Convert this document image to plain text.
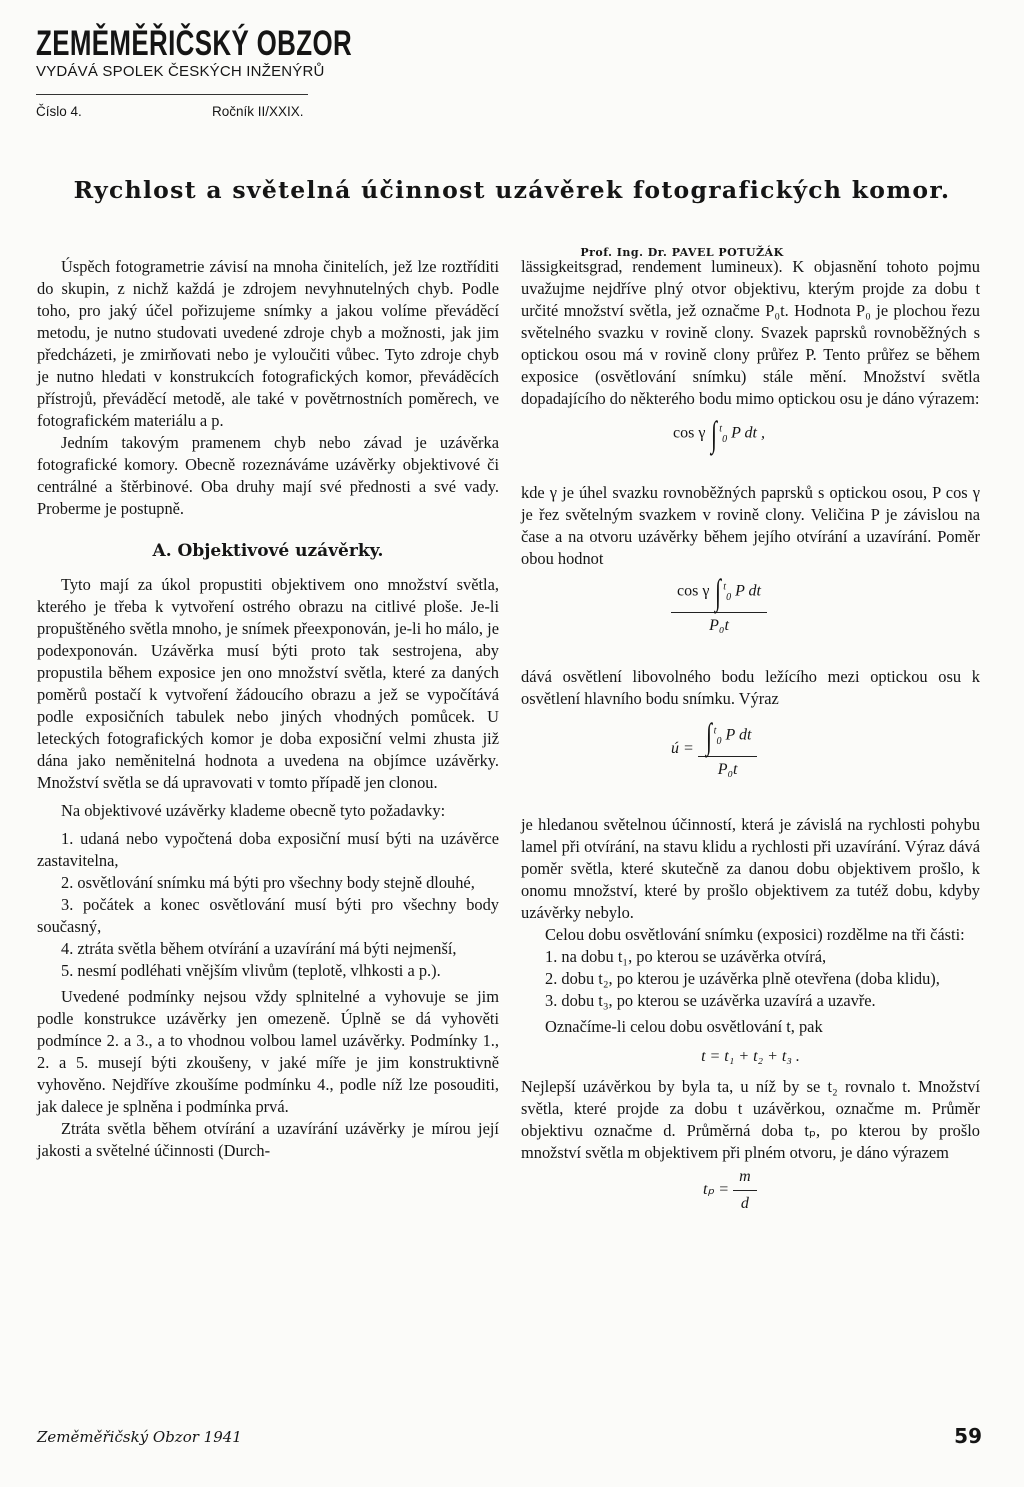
ZEMĚMĚŘIČSKÝ OBZOR
VYDÁVÁ SPOLEK ČESKÝCH INŽENÝRŮ
Číslo 4.	Ročník II/XXIX.
Rychlost a světelná účinnost uzávěrek fotografických komor.
Prof. Ing. Dr. PAVEL POTUŽÁK

Úspěch fotogrametrie závisí na mnoha činitelích, jež lze roztříditi do skupin, z nichž každá je zdrojem nevyhnutelných chyb. Podle toho, pro jaký účel pořizujeme snímky a jakou volíme převáděcí metodu, je nutno studovati uvedené zdroje chyb a možnosti, jak jim předcházeti, je zmirňovati nebo je vyloučiti vůbec. Tyto zdroje chyb je nutno hledati v konstrukcích fotografických komor, převáděcích přístrojů, převáděcí metodě, ale také v povětrnostních poměrech, ve fotografickém materiálu a p.

Jedním takovým pramenem chyb nebo závad je uzávěrka fotografické komory. Obecně rozeznáváme uzávěrky objektivové či centrálné a štěrbinové. Oba druhy mají své přednosti a své vady. Proberme je postupně.

A. Objektivové uzávěrky.

Tyto mají za úkol propustiti objektivem ono množství světla, kterého je třeba k vytvoření ostrého obrazu na citlivé ploše. Je-li propuštěného světla mnoho, je snímek přeexponován, je-li ho málo, je podexponován. Uzávěrka musí býti proto tak sestrojena, aby propustila během exposice jen ono množství světla, které za daných poměrů postačí k vytvoření žádoucího obrazu a jež se vypočítává podle exposičních tabulek nebo jiných vhodných pomůcek. U leteckých fotografických komor je doba exposiční velmi zhusta již dána jako neměnitelná hodnota a uvedena na objímce uzávěrky. Množství světla se dá upravovati v tomto případě jen clonou.

Na objektivové uzávěrky klademe obecně tyto požadavky:

1. udaná nebo vypočtená doba exposiční musí býti na uzávěrce zastavitelna,

2. osvětlování snímku má býti pro všechny body stejně dlouhé,

3. počátek a konec osvětlování musí býti pro všechny body současný,

4. ztráta světla během otvírání a uzavírání má býti nejmenší,

5. nesmí podléhati vnějším vlivům (teplotě, vlhkosti a p.).

Uvedené podmínky nejsou vždy splnitelné a vyhovuje se jim podle konstrukce uzávěrky jen omezeně. Úplně se dá vyhověti podmínce 2. a 3., a to vhodnou volbou lamel uzávěrky. Podmínky 1., 2. a 5. musejí býti zkoušeny, v jaké míře je jim konstruktivně vyhověno. Nejdříve zkoušíme podmínku 4., podle níž lze posouditi, jak dalece je splněna i podmínka prvá.

Ztráta světla během otvírání a uzavírání uzávěrky je mírou její jakosti a světelné účinnosti (Durch-

lässigkeitsgrad, rendement lumineux). K objasnění tohoto pojmu uvažujme nejdříve plný otvor objektivu, kterým projde za dobu t určité množství světla, jež označme P₀t. Hodnota P₀ je plochou řezu světelného svazku v rovině clony. Svazek paprsků rovnoběžných s optickou osou má v rovině clony průřez P. Tento průřez se během exposice (osvětlování snímku) stále mění. Množství světla dopadajícího do některého bodu mimo optickou osu je dáno výrazem:

cos γ ∫ $^t_0$ P dt ,

kde γ je úhel svazku rovnoběžných paprsků s optickou osou, P cos γ je řez světelným svazkem v rovině clony. Veličina P je závislou na čase a na otvoru uzávěrky během jejího otvírání a uzavírání. Poměr obou hodnot

$\frac{\cos \gamma \int ^t_0 P dt}{\text{P₀t}}$

dává osvětlení libovolného bodu ležícího mezi optickou osu k osvětlení hlavního bodu snímku. Výraz

ú = $\frac{\int ^t_0 P dt}{\text{P₀t}}$

je hledanou světelnou účinností, která je závislá na rychlosti pohybu lamel při otvírání, na stavu klidu a rychlosti při uzavírání. Výraz dává poměr světla, které skutečně za danou dobu objektivem prošlo, k onomu množství, které by prošlo objektivem za tutéž dobu, kdyby uzávěrky nebylo.

Celou dobu osvětlování snímku (exposici) rozdělme na tři části:

1. na dobu t₁, po kterou se uzávěrka otvírá,

2. dobu t₂, po kterou je uzávěrka plně otevřena (doba klidu),

3. dobu t₃, po kterou se uzávěrka uzavírá a uzavře.

Označíme-li celou dobu osvětlování t, pak

t = t₁ + t₂ + t₃ .

Nejlepší uzávěrkou by byla ta, u níž by se t₂ rovnalo t. Množství světla, které projde za dobu t uzávěrkou, označme m. Průměr objektivu označme d. Průměrná doba tₚ, po kterou by prošlo množství světla m objektivem při plném otvoru, je dáno výrazem

$t_p = \frac{m}{d}$
Zeměměřičský Obzor 1941	59
